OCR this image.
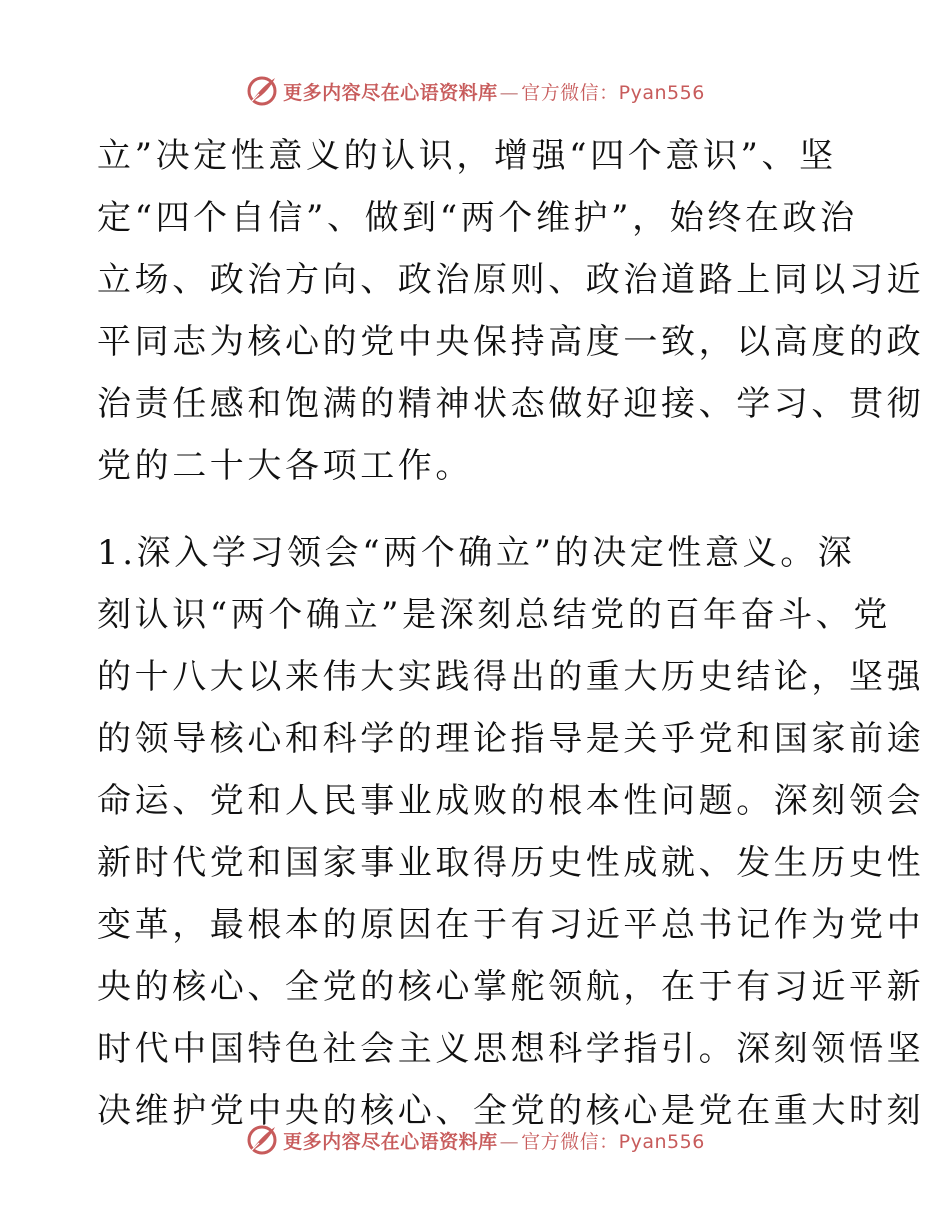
更多内容尽在心语资料库 — 官方微信：Pyan556
立”决定性意义的认识，增强“四个意识”、坚
定“四个自信”、做到“两个维护”，始终在政治
立场、政治方向、政治原则、政治道路上同以习近
平同志为核心的党中央保持高度一致，以高度的政
治责任感和饱满的精神状态做好迎接、学习、贯彻
党的二十大各项工作。
1.深入学习领会“两个确立”的决定性意义。深
刻认识“两个确立”是深刻总结党的百年奋斗、党
的十八大以来伟大实践得出的重大历史结论，坚强
的领导核心和科学的理论指导是关乎党和国家前途
命运、党和人民事业成败的根本性问题。深刻领会
新时代党和国家事业取得历史性成就、发生历史性
变革，最根本的原因在于有习近平总书记作为党中
央的核心、全党的核心掌舵领航，在于有习近平新
时代中国特色社会主义思想科学指引。深刻领悟坚
决维护党中央的核心、全党的核心是党在重大时刻
更多内容尽在心语资料库 — 官方微信：Pyan556
